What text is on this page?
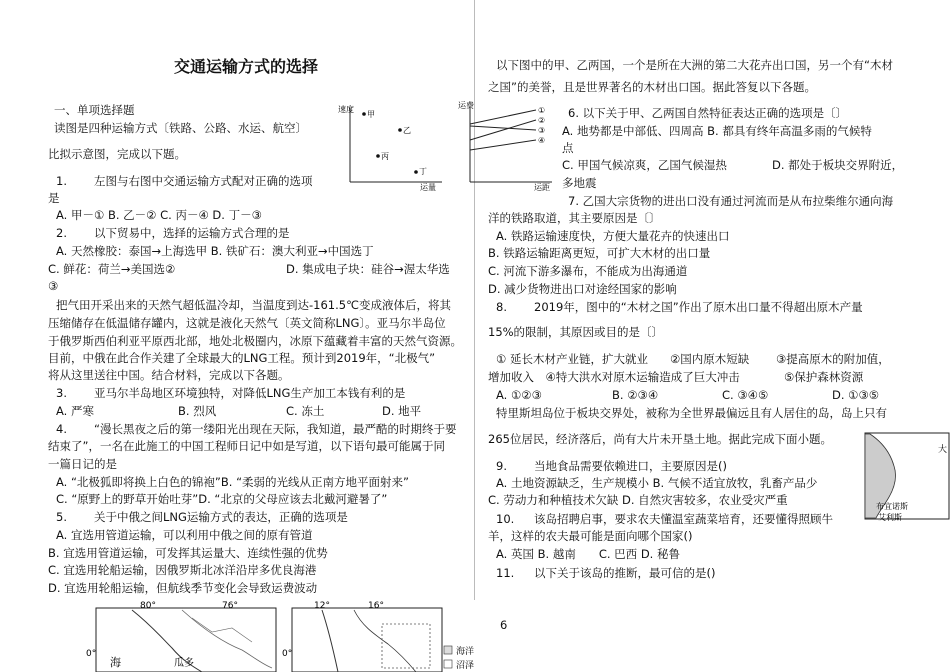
交通运输方式的选择
一、单项选择题
读图是四种运输方式〔铁路、公路、水运、航空〕
比拟示意图，完成以下题。
速度
甲
乙
丙
丁
运量
运费
①
②
③
④
运距
1. 左图与右图中交通运输方式配对正确的选项
是
A. 甲－① B. 乙－② C. 丙－④ D. 丁－③
2. 以下贸易中，选择的运输方式合理的是
A. 天然橡胶：泰国→上海选甲 B. 铁矿石：澳大利亚→中国选丁
C. 鲜花：荷兰→美国选②	D. 集成电子块：硅谷→渥太华选
③
把气田开采出来的天然气超低温冷却，当温度到达-161.5℃变成液体后，将其
压缩储存在低温储存罐内，这就是液化天然气〔英文简称LNG〕。亚马尔半岛位
于俄罗斯西伯利亚平原西北部，地处北极圈内，冰原下蕴藏着丰富的天然气资源。
目前，中俄在此合作关建了全球最大的LNG工程。预计到2019年，“北极气”
将从这里送往中国。结合材料，完成以下各题。
3. 亚马尔半岛地区环境独特，对降低LNG生产加工本钱有利的是
A. 严寒	B. 烈风	C. 冻土	D. 地平
4. “漫长黑夜之后的第一缕阳光出现在天际，我知道，最严酷的时期终于要
结束了”，一名在此施工的中国工程师日记中如是写道，以下语句最可能属于同
一篇日记的是
A. “北极狐即将换上白色的锦袍”B. “柔弱的光线从正南方地平面射来”
C. “原野上的野草开始吐芽”D. “北京的父母应该去北戴河避暑了”
5. 关于中俄之间LNG运输方式的表达，正确的选项是
A. 宜选用管道运输，可以利用中俄之间的原有管道
B. 宜选用管道运输，可发挥其运量大、连续性强的优势
C. 宜选用轮船运输，因俄罗斯北冰洋沿岸多优良海港
D. 宜选用轮船运输，但航线季节变化会导致运费波动
80°	76°
0°
海	瓜多
12°	16°
0°	海洋
沼泽
以下图中的甲、乙两国，一个是所在大洲的第二大花卉出口国，另一个有“木材
之国”的美誉，且是世界著名的木材出口国。据此答复以下各题。
6. 以下关于甲、乙两国自然特征表达正确的选项是〔〕
A. 地势都是中部低、四周高 B. 都具有终年高温多雨的气候特
点
C. 甲国气候凉爽，乙国气候湿热	D. 都处于板块交界附近，
多地震
7. 乙国大宗货物的进出口没有通过河流而是从布拉柴维尔通向海
洋的铁路取道，其主要原因是〔〕
A. 铁路运输速度快，方便大量花卉的快速出口
B. 铁路运输距离更短，可扩大木材的出口量
C. 河流下游多瀑布，不能成为出海通道
D. 减少货物进出口对途经国家的影响
8. 2019年，图中的“木材之国”作出了原木出口量不得超出原木产量
15%的限制，其原因或目的是〔〕
① 延长木材产业链，扩大就业 ②国内原木短缺 ③提高原木的附加值，
增加收入　④特大洪水对原木运输造成了巨大冲击	⑤保护森林资源
A. ①②③	B. ②③④	C. ③④⑤	D. ①③⑤
特里斯坦岛位于板块交界处，被称为全世界最偏远且有人居住的岛，岛上只有
265位居民，经济落后，尚有大片未开垦土地。据此完成下面小题。
布宜诺斯
艾利斯
大
9. 当地食品需要依赖进口，主要原因是()
A. 土地资源缺乏，生产规模小 B. 气候不适宜放牧，乳畜产品少
C. 劳动力和种植技术欠缺 D. 自然灾害较多，农业受灾严重
10. 该岛招聘启事，要求农夫懂温室蔬菜培育，还要懂得照顾牛
羊，这样的农夫最可能是面向哪个国家()
A. 英国 B. 越南　　C. 巴西 D. 秘鲁
11. 以下关于该岛的推断，最可信的是()
6
